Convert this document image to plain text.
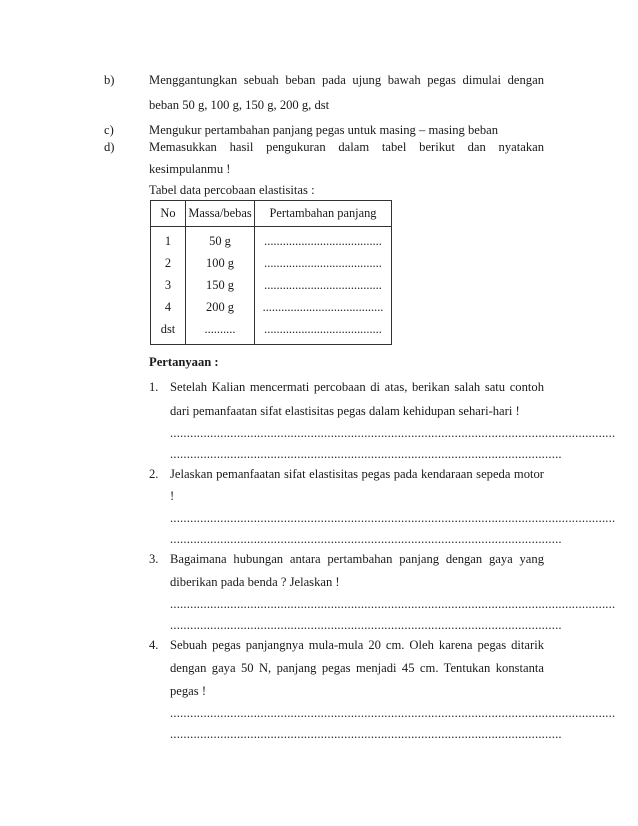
b)	Menggantungkan sebuah beban pada ujung bawah pegas dimulai dengan
beban 50 g, 100 g, 150 g, 200 g, dst
c)	Mengukur pertambahan panjang pegas untuk masing – masing beban
d)	Memasukkan hasil pengukuran dalam tabel berikut dan nyatakan
kesimpulanmu !
Tabel data percobaan elastisitas :
No	Massa/bebas	Pertambahan panjang
1	50 g	......................................
2	100 g	......................................
3	150 g	......................................
4	200 g	.......................................
dst	..........	......................................
Pertanyaan :
1. Setelah Kalian mencermati percobaan di atas, berikan salah satu contoh
dari pemanfaatan sifat elastisitas pegas dalam kehidupan sehari-hari !
.....................................................................................................................................
.....................................................................................................................
2. Jelaskan pemanfaatan sifat elastisitas pegas pada kendaraan sepeda motor
!
.....................................................................................................................................
.....................................................................................................................
3. Bagaimana hubungan antara pertambahan panjang dengan gaya yang
diberikan pada benda ? Jelaskan !
.....................................................................................................................................
.....................................................................................................................
4. Sebuah pegas panjangnya mula-mula 20 cm. Oleh karena pegas ditarik
dengan gaya 50 N, panjang pegas menjadi 45 cm. Tentukan konstanta
pegas !
.....................................................................................................................................
.....................................................................................................................
